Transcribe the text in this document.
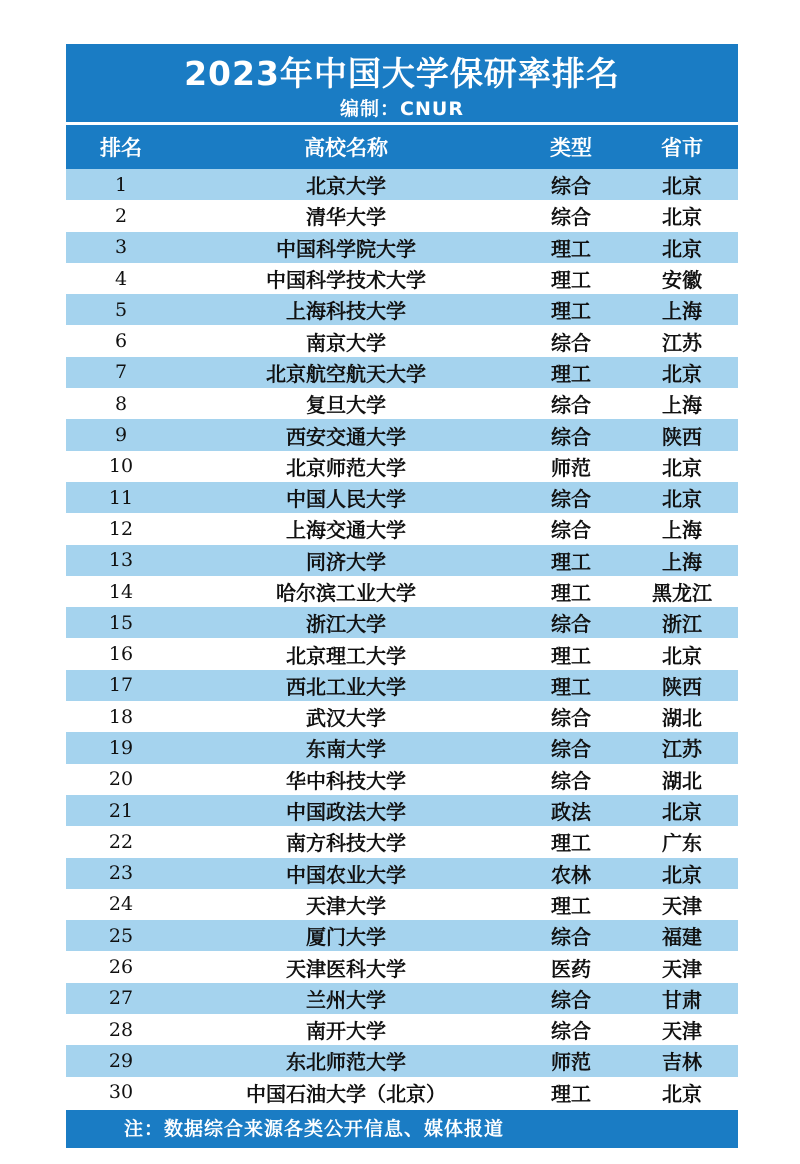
2023年中国大学保研率排名
编制：CNUR
排名	高校名称	类型	省市
1	北京大学	综合	北京
2	清华大学	综合	北京
3	中国科学院大学	理工	北京
4	中国科学技术大学	理工	安徽
5	上海科技大学	理工	上海
6	南京大学	综合	江苏
7	北京航空航天大学	理工	北京
8	复旦大学	综合	上海
9	西安交通大学	综合	陕西
10	北京师范大学	师范	北京
11	中国人民大学	综合	北京
12	上海交通大学	综合	上海
13	同济大学	理工	上海
14	哈尔滨工业大学	理工	黑龙江
15	浙江大学	综合	浙江
16	北京理工大学	理工	北京
17	西北工业大学	理工	陕西
18	武汉大学	综合	湖北
19	东南大学	综合	江苏
20	华中科技大学	综合	湖北
21	中国政法大学	政法	北京
22	南方科技大学	理工	广东
23	中国农业大学	农林	北京
24	天津大学	理工	天津
25	厦门大学	综合	福建
26	天津医科大学	医药	天津
27	兰州大学	综合	甘肃
28	南开大学	综合	天津
29	东北师范大学	师范	吉林
30	中国石油大学（北京）	理工	北京
注：数据综合来源各类公开信息、媒体报道
